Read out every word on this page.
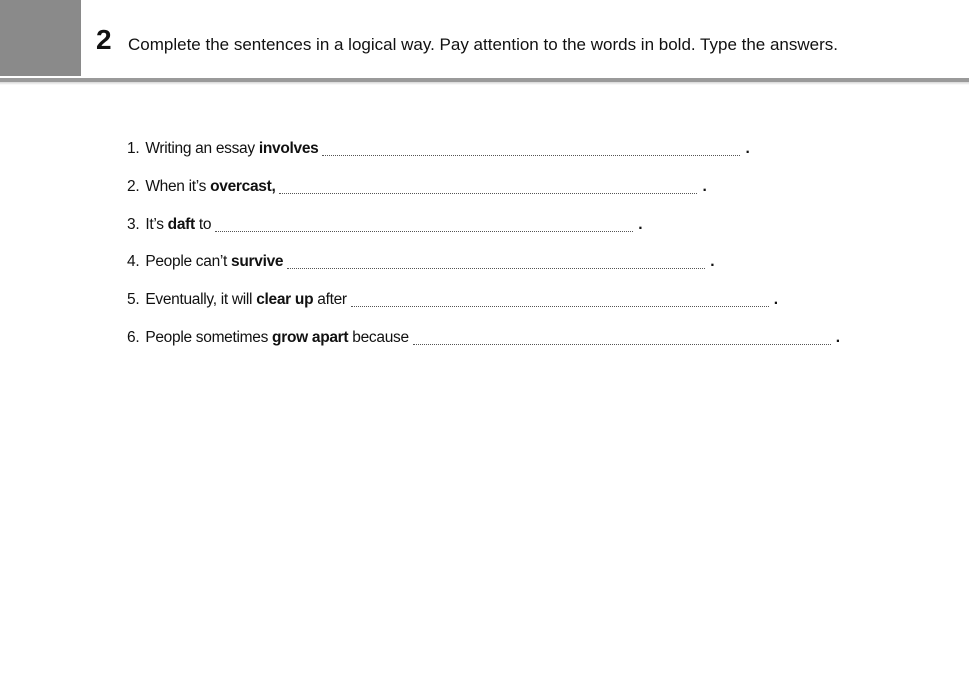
2 Complete the sentences in a logical way. Pay attention to the words in bold. Type the answers.
1. Writing an essay involves	.
2. When it’s overcast,	.
3. It’s daft to	.
4. People can’t survive	.
5. Eventually, it will clear up after	.
6. People sometimes grow apart because	.
